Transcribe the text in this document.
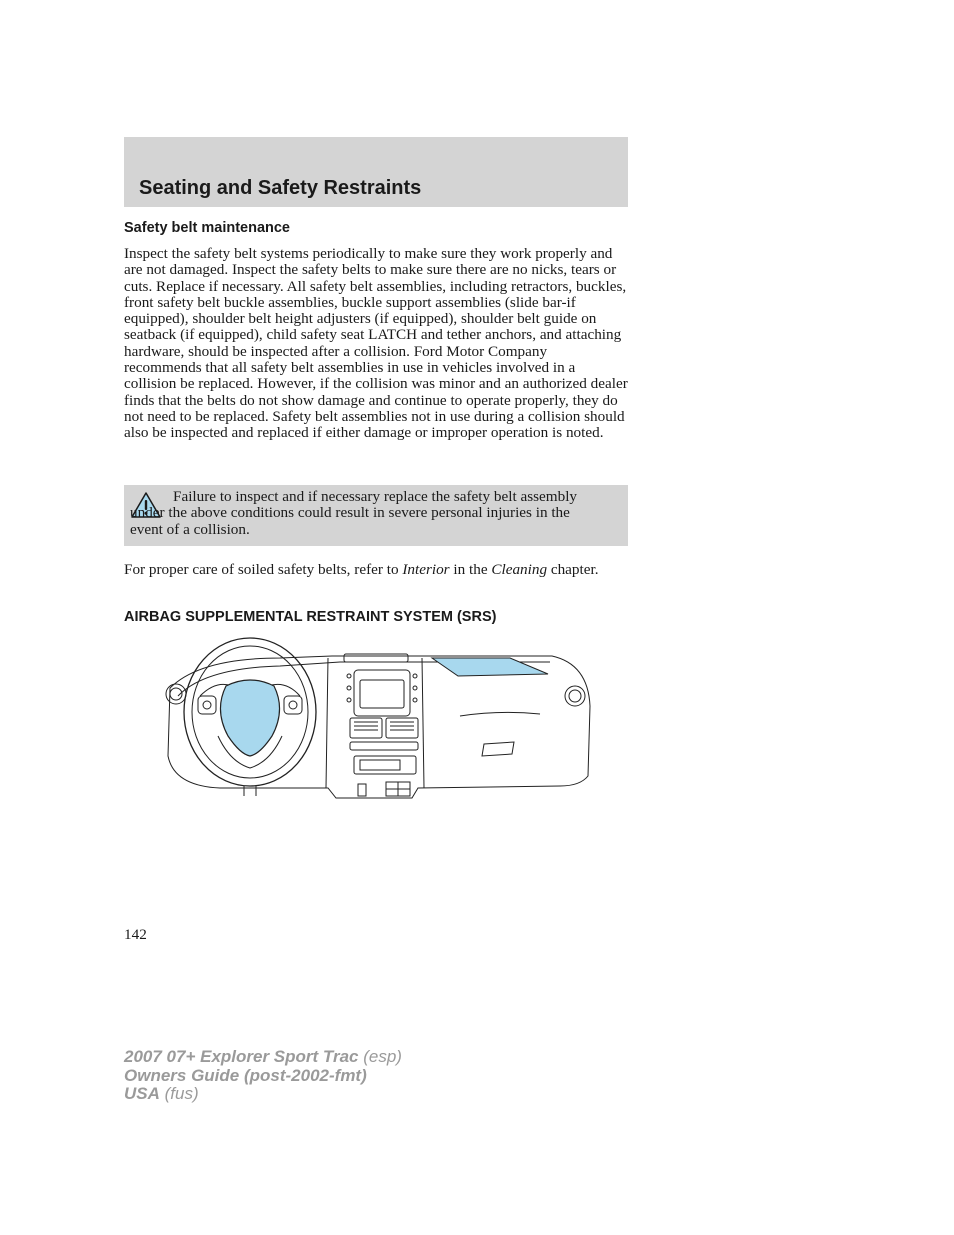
Seating and Safety Restraints
Safety belt maintenance
Inspect the safety belt systems periodically to make sure they work properly and are not damaged. Inspect the safety belts to make sure there are no nicks, tears or cuts. Replace if necessary. All safety belt assemblies, including retractors, buckles, front safety belt buckle assemblies, buckle support assemblies (slide bar-if equipped), shoulder belt height adjusters (if equipped), shoulder belt guide on seatback (if equipped), child safety seat LATCH and tether anchors, and attaching hardware, should be inspected after a collision. Ford Motor Company recommends that all safety belt assemblies in use in vehicles involved in a collision be replaced. However, if the collision was minor and an authorized dealer finds that the belts do not show damage and continue to operate properly, they do not need to be replaced. Safety belt assemblies not in use during a collision should also be inspected and replaced if either damage or improper operation is noted.
Failure to inspect and if necessary replace the safety belt assembly under the above conditions could result in severe personal injuries in the event of a collision.
For proper care of soiled safety belts, refer to Interior in the Cleaning chapter.
AIRBAG SUPPLEMENTAL RESTRAINT SYSTEM (SRS)
142
2007 07+ Explorer Sport Trac (esp)
Owners Guide (post-2002-fmt)
USA (fus)
